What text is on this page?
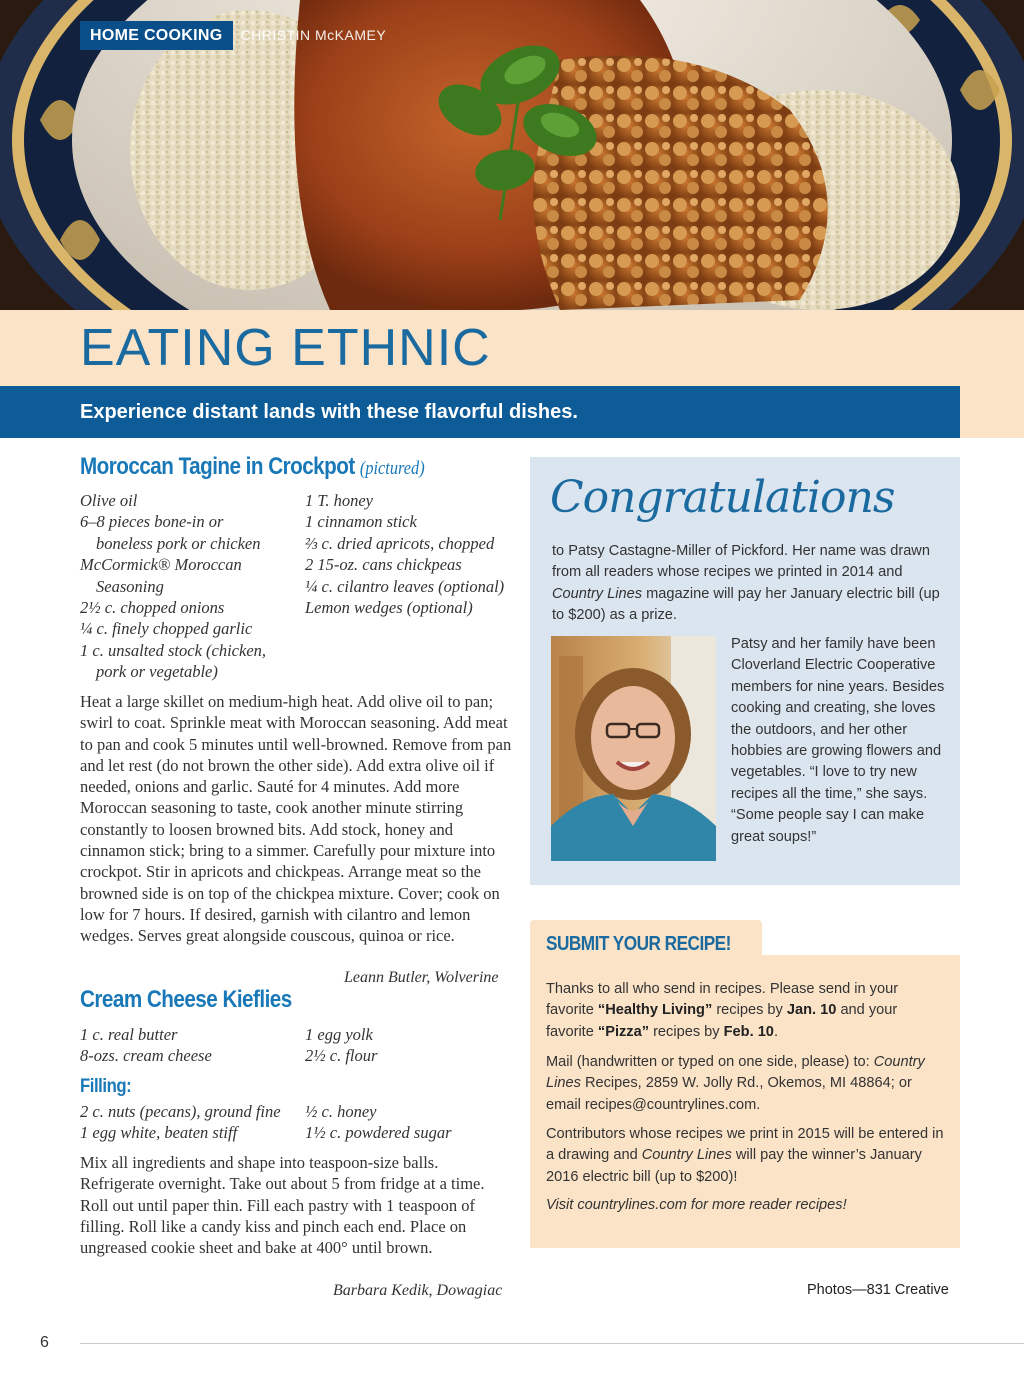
HOME COOKING	CHRISTIN McKAMEY
EATING ETHNIC
Experience distant lands with these flavorful dishes.
Moroccan Tagine in Crockpot (pictured)
Olive oil
6–8 pieces bone-in or
boneless pork or chicken
McCormick® Moroccan
Seasoning
2½ c. chopped onions
¼ c. finely chopped garlic
1 c. unsalted stock (chicken,
pork or vegetable)
1 T. honey
1 cinnamon stick
⅔ c. dried apricots, chopped
2 15-oz. cans chickpeas
¼ c. cilantro leaves (optional)
Lemon wedges (optional)

Heat a large skillet on medium-high heat. Add olive oil to pan; swirl to coat. Sprinkle meat with Moroccan seasoning. Add meat to pan and cook 5 minutes until well-browned. Remove from pan and let rest (do not brown the other side). Add extra olive oil if needed, onions and garlic. Sauté for 4 minutes. Add more Moroccan seasoning to taste, cook another minute stirring constantly to loosen browned bits. Add stock, honey and cinnamon stick; bring to a simmer. Carefully pour mixture into crockpot. Stir in apricots and chickpeas. Arrange meat so the browned side is on top of the chickpea mixture. Cover; cook on low for 7 hours. If desired, garnish with cilantro and lemon wedges. Serves great alongside couscous, quinoa or rice.

Leann Butler, Wolverine
Cream Cheese Kieflies
1 c. real butter
8-ozs. cream cheese
1 egg yolk
2½ c. flour
Filling:
2 c. nuts (pecans), ground fine
1 egg white, beaten stiff
½ c. honey
1½ c. powdered sugar

Mix all ingredients and shape into teaspoon-size balls. Refrigerate overnight. Take out about 5 from fridge at a time. Roll out until paper thin. Fill each pastry with 1 teaspoon of filling. Roll like a candy kiss and pinch each end. Place on ungreased cookie sheet and bake at 400° until brown.

Barbara Kedik, Dowagiac
Congratulations

to Patsy Castagne-Miller of Pickford. Her name was drawn from all readers whose recipes we printed in 2014 and Country Lines magazine will pay her January electric bill (up to $200) as a prize.

Patsy and her family have been Cloverland Electric Cooperative members for nine years. Besides cooking and creating, she loves the outdoors, and her other hobbies are growing flowers and vegetables. “I love to try new recipes all the time,” she says. “Some people say I can make great soups!”

SUBMIT YOUR RECIPE!

Thanks to all who send in recipes. Please send in your favorite “Healthy Living” recipes by Jan. 10 and your favorite “Pizza” recipes by Feb. 10.

Mail (handwritten or typed on one side, please) to: Country Lines Recipes, 2859 W. Jolly Rd., Okemos, MI 48864; or email recipes@countrylines.com.

Contributors whose recipes we print in 2015 will be entered in a drawing and Country Lines will pay the winner’s January 2016 electric bill (up to $200)!

Visit countrylines.com for more reader recipes!

Photos—831 Creative
6
